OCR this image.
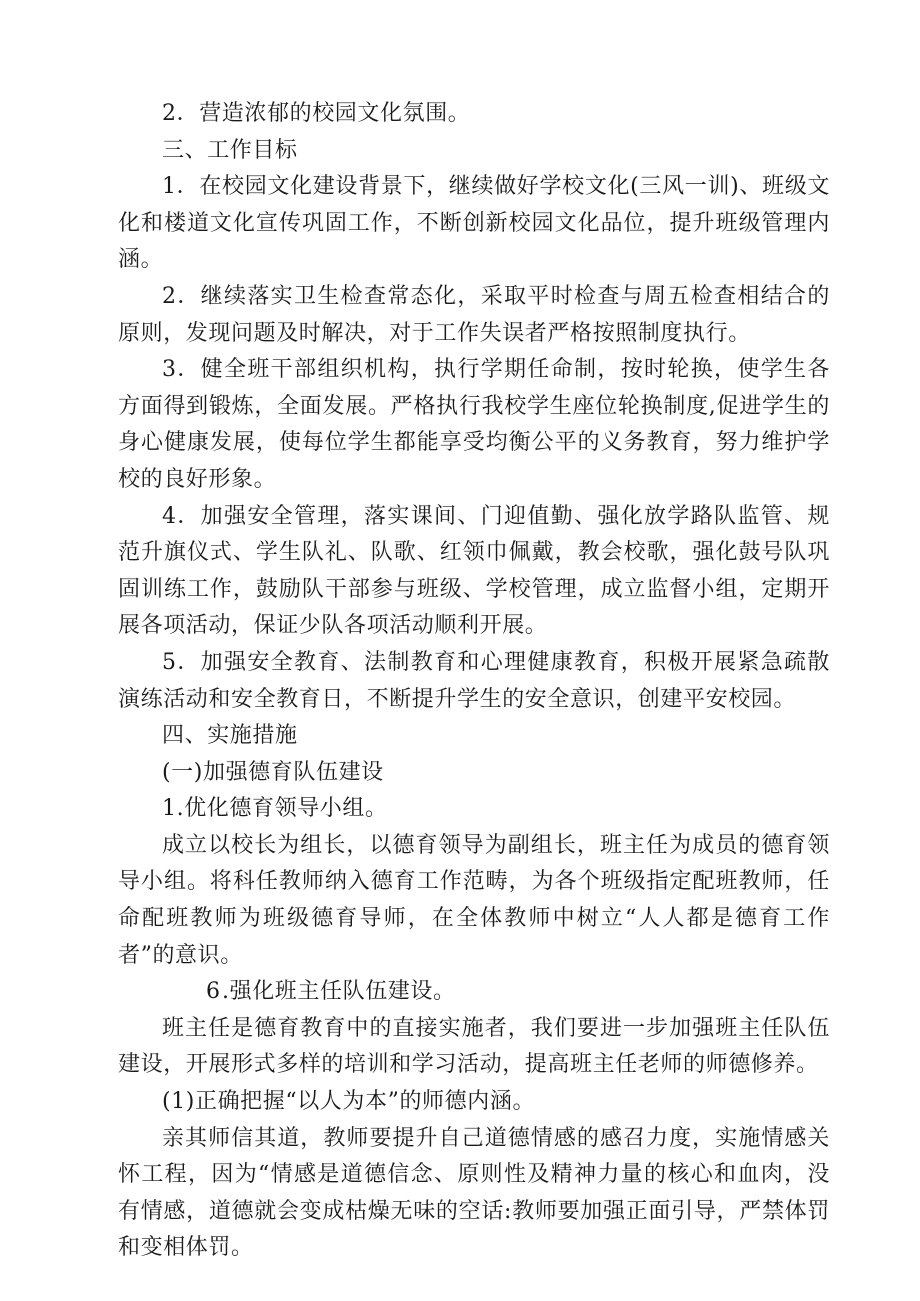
2．营造浓郁的校园文化氛围。

三、工作目标

1．在校园文化建设背景下，继续做好学校文化(三风一训)、班级文化和楼道文化宣传巩固工作，不断创新校园文化品位，提升班级管理内涵。

2．继续落实卫生检查常态化，采取平时检查与周五检查相结合的原则，发现问题及时解决，对于工作失误者严格按照制度执行。

3．健全班干部组织机构，执行学期任命制，按时轮换，使学生各方面得到锻炼，全面发展。严格执行我校学生座位轮换制度,促进学生的身心健康发展，使每位学生都能享受均衡公平的义务教育，努力维护学校的良好形象。

4．加强安全管理，落实课间、门迎值勤、强化放学路队监管、规范升旗仪式、学生队礼、队歌、红领巾佩戴，教会校歌，强化鼓号队巩固训练工作，鼓励队干部参与班级、学校管理，成立监督小组，定期开展各项活动，保证少队各项活动顺利开展。

5．加强安全教育、法制教育和心理健康教育，积极开展紧急疏散演练活动和安全教育日，不断提升学生的安全意识，创建平安校园。

四、实施措施

(一)加强德育队伍建设

1.优化德育领导小组。

成立以校长为组长，以德育领导为副组长，班主任为成员的德育领导小组。将科任教师纳入德育工作范畴，为各个班级指定配班教师，任命配班教师为班级德育导师，在全体教师中树立“人人都是德育工作者”的意识。

6.强化班主任队伍建设。

班主任是德育教育中的直接实施者，我们要进一步加强班主任队伍建设，开展形式多样的培训和学习活动，提高班主任老师的师德修养。

(1)正确把握“以人为本”的师德内涵。

亲其师信其道，教师要提升自己道德情感的感召力度，实施情感关怀工程，因为“情感是道德信念、原则性及精神力量的核心和血肉，没有情感，道德就会变成枯燥无味的空话:教师要加强正面引导，严禁体罚和变相体罚。
